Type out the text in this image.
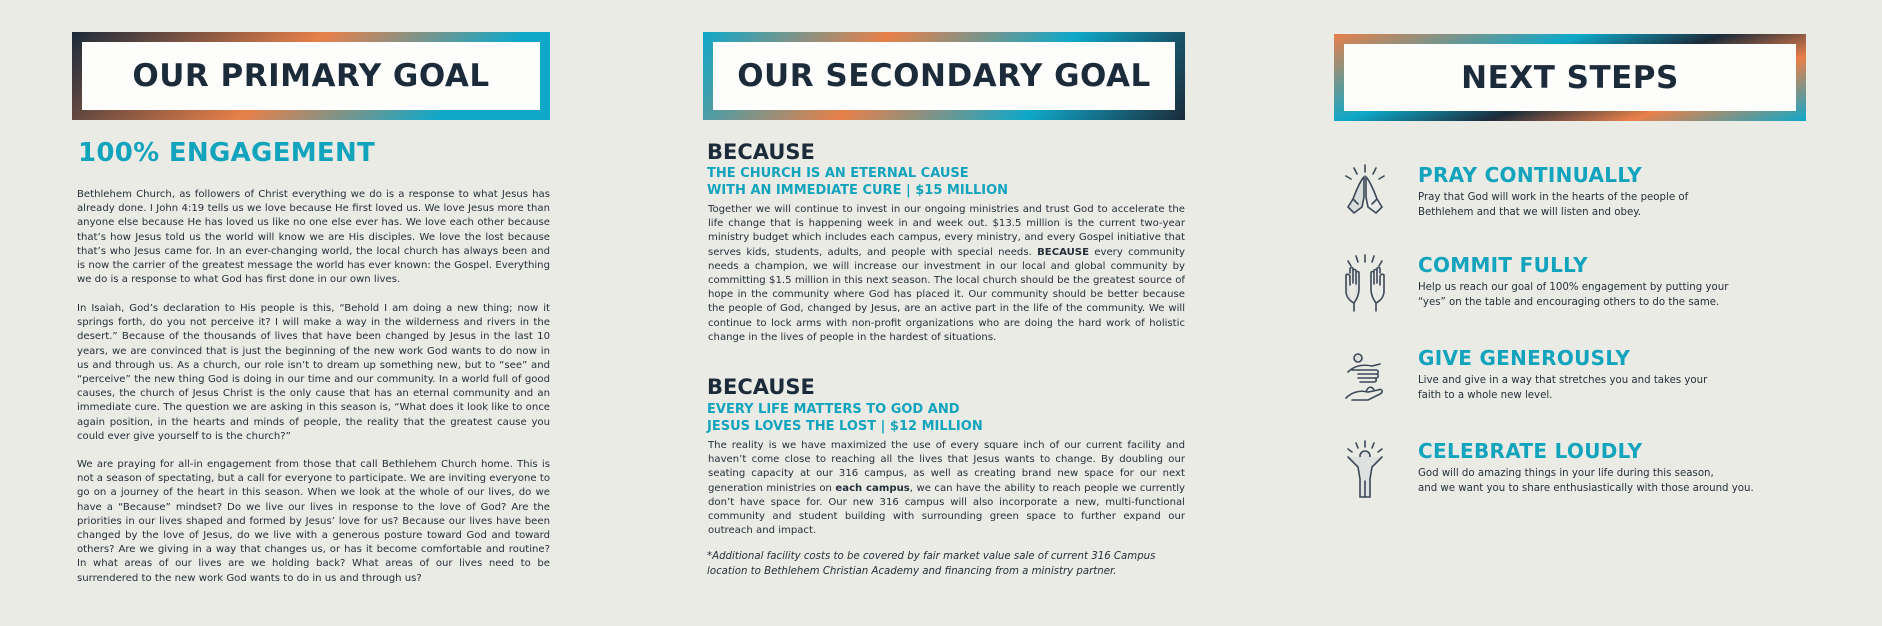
OUR PRIMARY GOAL
100% ENGAGEMENT

Bethlehem Church, as followers of Christ everything we do is a response to what Jesus has already done. I John 4:19 tells us we love because He first loved us. We love Jesus more than anyone else because He has loved us like no one else ever has. We love each other because that’s how Jesus told us the world will know we are His disciples. We love the lost because that’s who Jesus came for. In an ever-changing world, the local church has always been and is now the carrier of the greatest message the world has ever known: the Gospel. Everything we do is a response to what God has first done in our own lives.

In Isaiah, God’s declaration to His people is this, “Behold I am doing a new thing; now it springs forth, do you not perceive it? I will make a way in the wilderness and rivers in the desert.” Because of the thousands of lives that have been changed by Jesus in the last 10 years, we are convinced that is just the beginning of the new work God wants to do now in us and through us. As a church, our role isn’t to dream up something new, but to “see” and “perceive” the new thing God is doing in our time and our community. In a world full of good causes, the church of Jesus Christ is the only cause that has an eternal community and an immediate cure. The question we are asking in this season is, “What does it look like to once again position, in the hearts and minds of people, the reality that the greatest cause you could ever give yourself to is the church?”

We are praying for all-in engagement from those that call Bethlehem Church home. This is not a season of spectating, but a call for everyone to participate. We are inviting everyone to go on a journey of the heart in this season. When we look at the whole of our lives, do we have a “Because” mindset? Do we live our lives in response to the love of God? Are the priorities in our lives shaped and formed by Jesus’ love for us? Because our lives have been changed by the love of Jesus, do we live with a generous posture toward God and toward others? Are we giving in a way that changes us, or has it become comfortable and routine? In what areas of our lives are we holding back? What areas of our lives need to be surrendered to the new work God wants to do in us and through us?

OUR SECONDARY GOAL
BECAUSE
THE CHURCH IS AN ETERNAL CAUSE
WITH AN IMMEDIATE CURE | $15 MILLION

Together we will continue to invest in our ongoing ministries and trust God to accelerate the life change that is happening week in and week out. $13.5 million is the current two-year ministry budget which includes each campus, every ministry, and every Gospel initiative that serves kids, students, adults, and people with special needs. BECAUSE every community needs a champion, we will increase our investment in our local and global community by committing $1.5 million in this next season. The local church should be the greatest source of hope in the community where God has placed it. Our community should be better because the people of God, changed by Jesus, are an active part in the life of the community. We will continue to lock arms with non-profit organizations who are doing the hard work of holistic change in the lives of people in the hardest of situations.

BECAUSE
EVERY LIFE MATTERS TO GOD AND
JESUS LOVES THE LOST | $12 MILLION

The reality is we have maximized the use of every square inch of our current facility and haven’t come close to reaching all the lives that Jesus wants to change. By doubling our seating capacity at our 316 campus, as well as creating brand new space for our next generation ministries on each campus, we can have the ability to reach people we currently don’t have space for. Our new 316 campus will also incorporate a new, multi-functional community and student building with surrounding green space to further expand our outreach and impact.

*Additional facility costs to be covered by fair market value sale of current 316 Campus location to Bethlehem Christian Academy and financing from a ministry partner.
NEXT STEPS
PRAY CONTINUALLY
Pray that God will work in the hearts of the people of
Bethlehem and that we will listen and obey.
COMMIT FULLY
Help us reach our goal of 100% engagement by putting your
“yes” on the table and encouraging others to do the same.
GIVE GENEROUSLY
Live and give in a way that stretches you and takes your
faith to a whole new level.
CELEBRATE LOUDLY
God will do amazing things in your life during this season,
and we want you to share enthusiastically with those around you.
